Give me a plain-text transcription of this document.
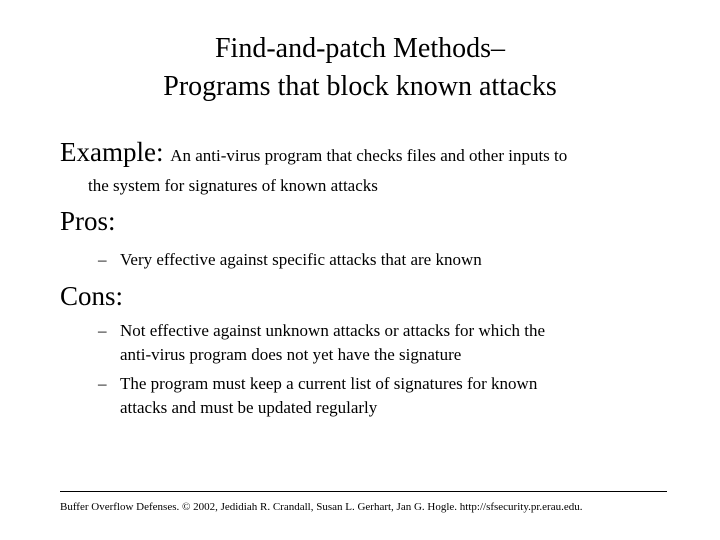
Find-and-patch Methods–
Programs that block known attacks
Example: An anti-virus program that checks files and other inputs to
the system for signatures of known attacks
Pros:
– Very effective against specific attacks that are known
Cons:
– Not effective against unknown attacks or attacks for which the
anti-virus program does not yet have the signature
– The program must keep a current list of signatures for known
attacks and must be updated regularly
Buffer Overflow Defenses. © 2002, Jedidiah R. Crandall, Susan L. Gerhart, Jan G. Hogle. http://sfsecurity.pr.erau.edu.
